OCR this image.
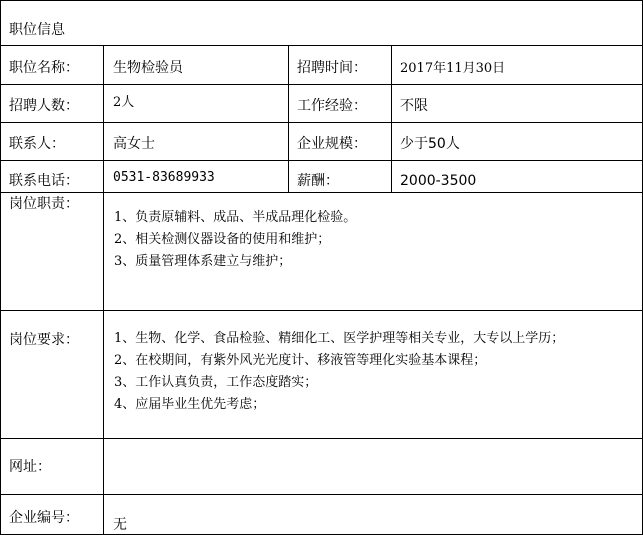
职位信息
职位名称： 生物检验员	招聘时间：	2017年11月30日
招聘人数：	2人	工作经验： 不限
联系人：	高女士	企业规模： 少于50人
联系电话：	0531-83689933	薪酬：	2000-3500
岗位职责：
1、负责原辅料、成品、半成品理化检验。
2、相关检测仪器设备的使用和维护；
3、质量管理体系建立与维护；
岗位要求：	1、生物、化学、食品检验、精细化工、医学护理等相关专业，大专以上学历；
2、在校期间，有紫外风光光度计、移液管等理化实验基本课程；
3、工作认真负责，工作态度踏实；
4、应届毕业生优先考虑；
网址：
企业编号： 无
